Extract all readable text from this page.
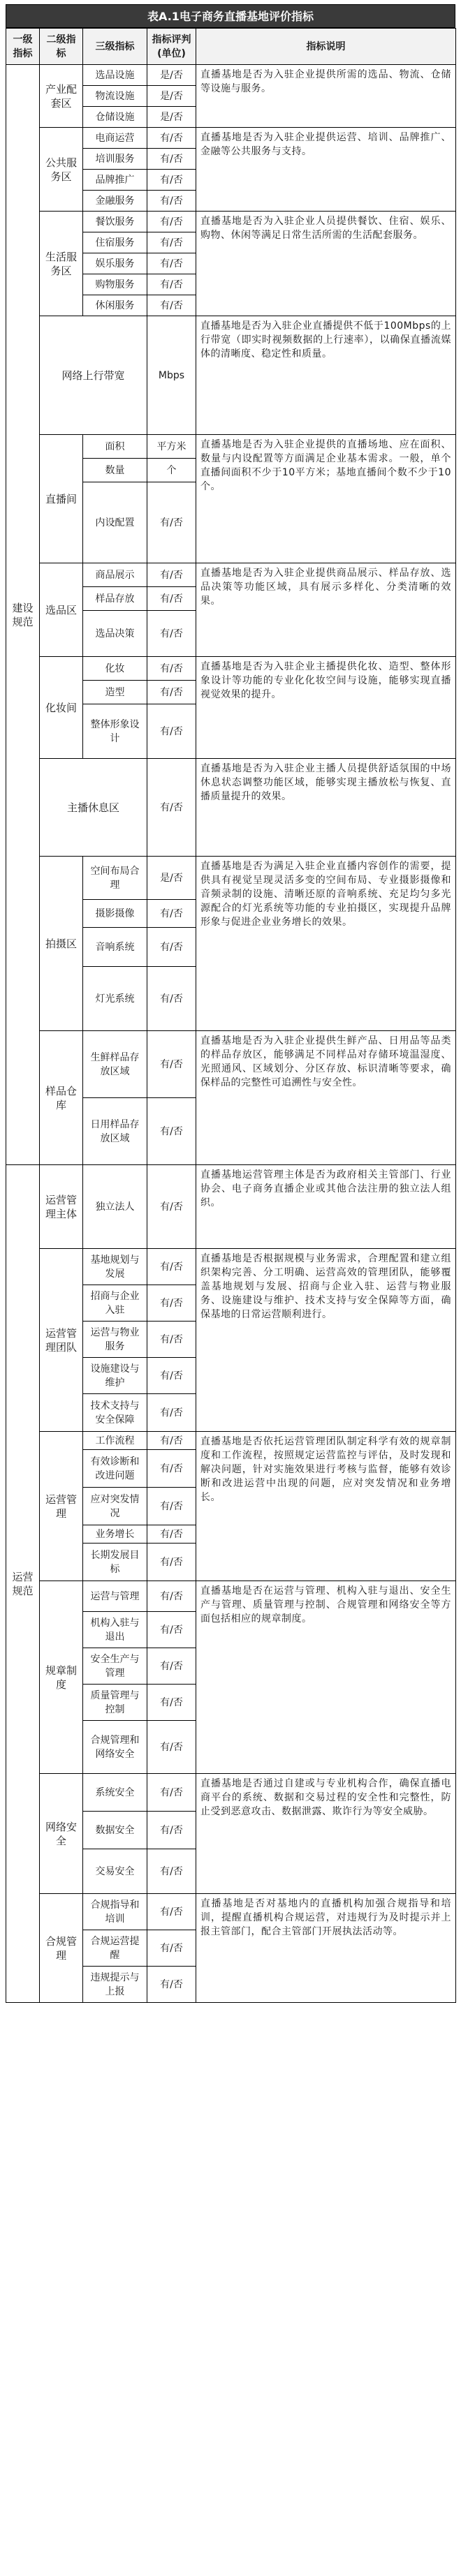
表A.1电子商务直播基地评价指标
一级指标	二级指标	三级指标	指标评判(单位)	指标说明
建设规范	产业配套区	选品设施	是/否	直播基地是否为入驻企业提供所需的选品、物流、仓储等设施与服务。
		物流设施	是/否	
		仓储设施	是/否	
	公共服务区	电商运营	有/否	直播基地是否为入驻企业提供运营、培训、品牌推广、金融等公共服务与支持。
		培训服务	有/否	
		品牌推广	有/否	
		金融服务	有/否	
	生活服务区	餐饮服务	有/否	直播基地是否为入驻企业人员提供餐饮、住宿、娱乐、购物、休闲等满足日常生活所需的生活配套服务。
		住宿服务	有/否	
		娱乐服务	有/否	
		购物服务	有/否	
		休闲服务	有/否	
	网络上行带宽		Mbps	直播基地是否为入驻企业直播提供不低于100Mbps的上行带宽（即实时视频数据的上行速率），以确保直播流媒体的清晰度、稳定性和质量。
	直播间	面积	平方米	直播基地是否为入驻企业提供的直播场地、应在面积、数量与内设配置等方面满足企业基本需求。一般，单个直播间面积不少于10平方米；基地直播间个数不少于10个。
		数量	个	
		内设配置	有/否	
	选品区	商品展示	有/否	直播基地是否为入驻企业提供商品展示、样品存放、选品决策等功能区域，具有展示多样化、分类清晰的效果。
		样品存放	有/否	
		选品决策	有/否	
	化妆间	化妆	有/否	直播基地是否为入驻企业主播提供化妆、造型、整体形象设计等功能的专业化化妆空间与设施，能够实现直播视觉效果的提升。
		造型	有/否	
		整体形象设计	有/否	
	主播休息区		有/否	直播基地是否为入驻企业主播人员提供舒适氛围的中场休息状态调整功能区域，能够实现主播放松与恢复、直播质量提升的效果。
	拍摄区	空间布局合理	是/否	直播基地是否为满足入驻企业直播内容创作的需要，提供具有视觉呈现灵活多变的空间布局、专业摄影摄像和音频录制的设施、清晰还原的音响系统、充足均匀多光源配合的灯光系统等功能的专业拍摄区，实现提升品牌形象与促进企业业务增长的效果。
		摄影摄像	有/否	
		音响系统	有/否	
		灯光系统	有/否	
	样品仓库	生鲜样品存放区域	有/否	直播基地是否为入驻企业提供生鲜产品、日用品等品类的样品存放区，能够满足不同样品对存储环境温湿度、光照通风、区域划分、分区存放、标识清晰等要求，确保样品的完整性可追溯性与安全性。
		日用样品存放区域	有/否	
运营规范	运营管理主体	独立法人	有/否	直播基地运营管理主体是否为政府相关主管部门、行业协会、电子商务直播企业或其他合法注册的独立法人组织。
	运营管理团队	基地规划与发展	有/否	直播基地是否根据规模与业务需求，合理配置和建立组织架构完善、分工明确、运营高效的管理团队，能够覆盖基地规划与发展、招商与企业入驻、运营与物业服务、设施建设与维护、技术支持与安全保障等方面，确保基地的日常运营顺利进行。
		招商与企业入驻	有/否	
		运营与物业服务	有/否	
		设施建设与维护	有/否	
		技术支持与安全保障	有/否	
	运营管理	工作流程	有/否	直播基地是否依托运营管理团队制定科学有效的规章制度和工作流程，按照规定运营监控与评估，及时发现和解决问题，针对实施效果进行考核与监督，能够有效诊断和改进运营中出现的问题，应对突发情况和业务增长。
		有效诊断和改进问题	有/否	
		应对突发情况	有/否	
		业务增长	有/否	
		长期发展目标	有/否	
	规章制度	运营与管理	有/否	直播基地是否在运营与管理、机构入驻与退出、安全生产与管理、质量管理与控制、合规管理和网络安全等方面包括相应的规章制度。
		机构入驻与退出	有/否	
		安全生产与管理	有/否	
		质量管理与控制	有/否	
		合规管理和网络安全	有/否	
	网络安全	系统安全	有/否	直播基地是否通过自建或与专业机构合作，确保直播电商平台的系统、数据和交易过程的安全性和完整性，防止受到恶意攻击、数据泄露、欺诈行为等安全威胁。
		数据安全	有/否	
		交易安全	有/否	
	合规管理	合规指导和培训	有/否	直播基地是否对基地内的直播机构加强合规指导和培训，提醒直播机构合规运营，对违规行为及时提示并上报主管部门，配合主管部门开展执法活动等。
		合规运营提醒	有/否	
		违规提示与上报	有/否	
